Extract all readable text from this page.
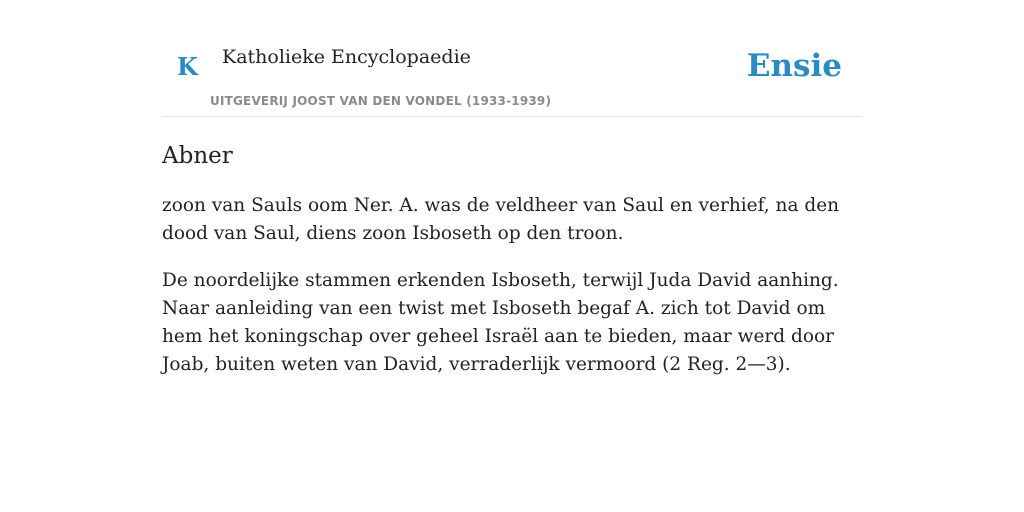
K Katholieke Encyclopaedie
UITGEVERIJ JOOST VAN DEN VONDEL (1933-1939)
Ensie
Abner

zoon van Sauls oom Ner. A. was de veldheer van Saul en verhief, na den dood van Saul, diens zoon Isboseth op den troon.

De noordelijke stammen erkenden Isboseth, terwijl Juda David aanhing. Naar aanleiding van een twist met Isboseth begaf A. zich tot David om hem het koningschap over geheel Israël aan te bieden, maar werd door Joab, buiten weten van David, verraderlijk vermoord (2 Reg. 2—3).
